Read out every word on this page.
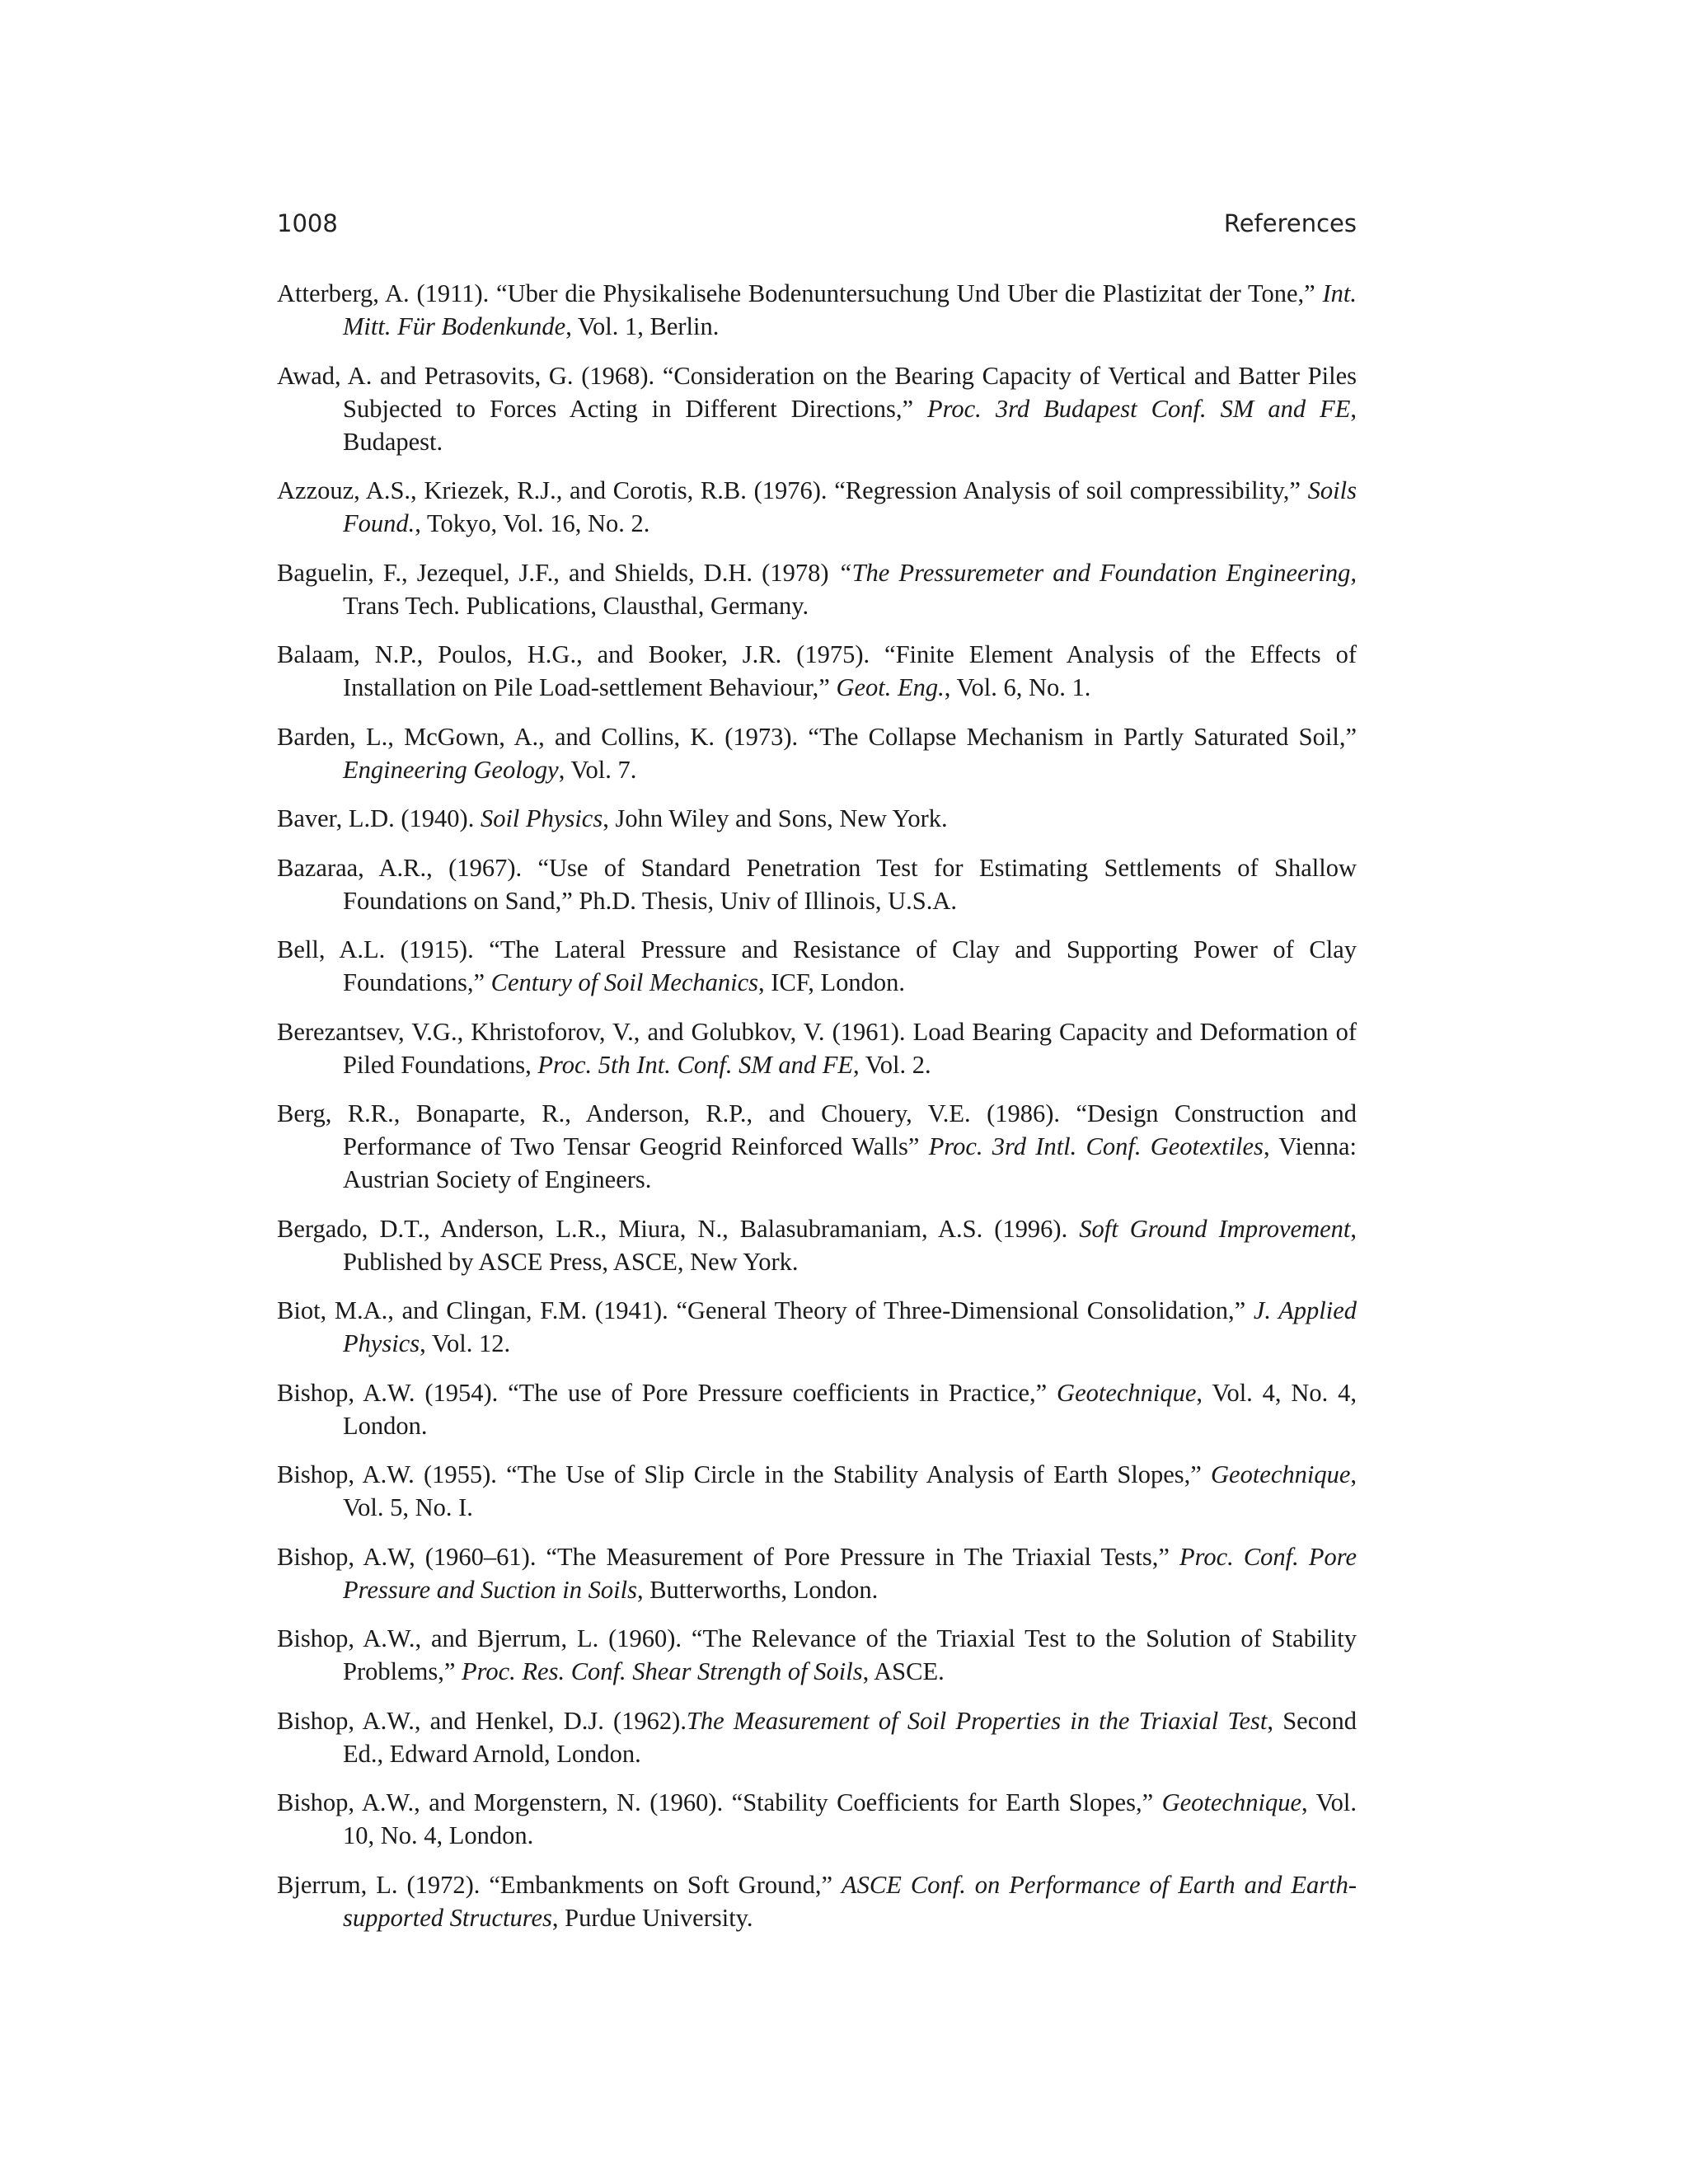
1008	References

Atterberg, A. (1911). “Uber die Physikalisehe Bodenuntersuchung Und Uber die Plastizitat der Tone,” Int. Mitt. Für Bodenkunde, Vol. 1, Berlin.

Awad, A. and Petrasovits, G. (1968). “Consideration on the Bearing Capacity of Vertical and Batter Piles Subjected to Forces Acting in Different Directions,” Proc. 3rd Budapest Conf. SM and FE, Budapest.

Azzouz, A.S., Kriezek, R.J., and Corotis, R.B. (1976). “Regression Analysis of soil compressibility,” Soils Found., Tokyo, Vol. 16, No. 2.

Baguelin, F., Jezequel, J.F., and Shields, D.H. (1978) “The Pressuremeter and Foundation Engineering, Trans Tech. Publications, Clausthal, Germany.

Balaam, N.P., Poulos, H.G., and Booker, J.R. (1975). “Finite Element Analysis of the Effects of Installation on Pile Load-settlement Behaviour,” Geot. Eng., Vol. 6, No. 1.

Barden, L., McGown, A., and Collins, K. (1973). “The Collapse Mechanism in Partly Saturated Soil,” Engineering Geology, Vol. 7.

Baver, L.D. (1940). Soil Physics, John Wiley and Sons, New York.

Bazaraa, A.R., (1967). “Use of Standard Penetration Test for Estimating Settlements of Shallow Foundations on Sand,” Ph.D. Thesis, Univ of Illinois, U.S.A.

Bell, A.L. (1915). “The Lateral Pressure and Resistance of Clay and Supporting Power of Clay Foundations,” Century of Soil Mechanics, ICF, London.

Berezantsev, V.G., Khristoforov, V., and Golubkov, V. (1961). Load Bearing Capacity and Deformation of Piled Foundations, Proc. 5th Int. Conf. SM and FE, Vol. 2.

Berg, R.R., Bonaparte, R., Anderson, R.P., and Chouery, V.E. (1986). “Design Construction and Performance of Two Tensar Geogrid Reinforced Walls” Proc. 3rd Intl. Conf. Geotextiles, Vienna: Austrian Society of Engineers.

Bergado, D.T., Anderson, L.R., Miura, N., Balasubramaniam, A.S. (1996). Soft Ground Improvement, Published by ASCE Press, ASCE, New York.

Biot, M.A., and Clingan, F.M. (1941). “General Theory of Three-Dimensional Consolidation,” J. Applied Physics, Vol. 12.

Bishop, A.W. (1954). “The use of Pore Pressure coefficients in Practice,” Geotechnique, Vol. 4, No. 4, London.

Bishop, A.W. (1955). “The Use of Slip Circle in the Stability Analysis of Earth Slopes,” Geotechnique, Vol. 5, No. I.

Bishop, A.W, (1960–61). “The Measurement of Pore Pressure in The Triaxial Tests,” Proc. Conf. Pore Pressure and Suction in Soils, Butterworths, London.

Bishop, A.W., and Bjerrum, L. (1960). “The Relevance of the Triaxial Test to the Solution of Stability Problems,” Proc. Res. Conf. Shear Strength of Soils, ASCE.

Bishop, A.W., and Henkel, D.J. (1962).The Measurement of Soil Properties in the Triaxial Test, Second Ed., Edward Arnold, London.

Bishop, A.W., and Morgenstern, N. (1960). “Stability Coefficients for Earth Slopes,” Geotechnique, Vol. 10, No. 4, London.

Bjerrum, L. (1972). “Embankments on Soft Ground,” ASCE Conf. on Performance of Earth and Earth-supported Structures, Purdue University.
